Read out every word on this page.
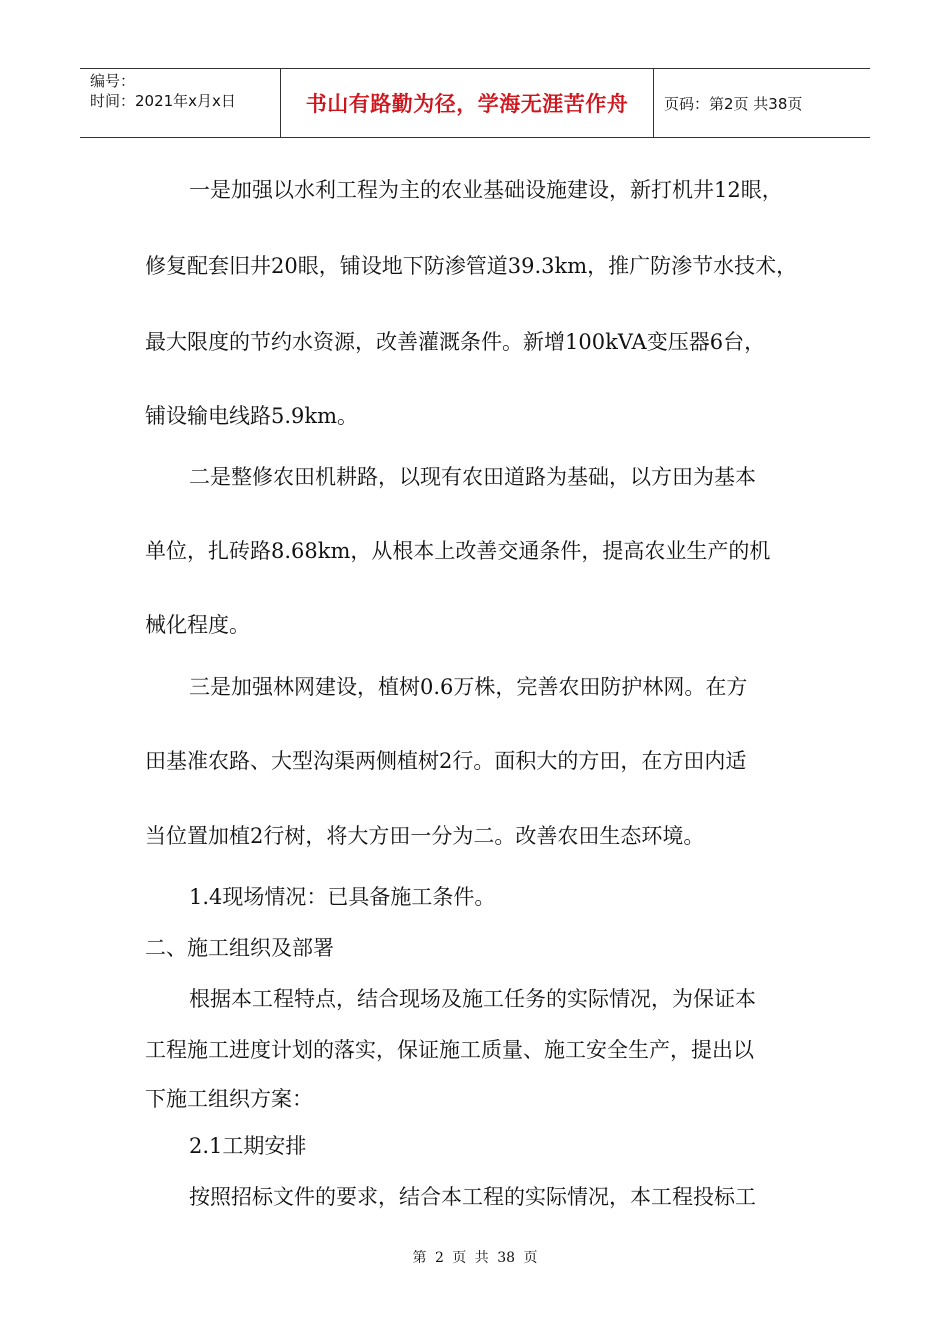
编号：
时间：2021年x月x日	书山有路勤为径，学海无涯苦作舟	页码：第2页 共38页
一是加强以水利工程为主的农业基础设施建设，新打机井12眼，
修复配套旧井20眼，铺设地下防渗管道39.3km，推广防渗节水技术，
最大限度的节约水资源，改善灌溉条件。新增100kVA变压器6台，
铺设输电线路5.9km。
二是整修农田机耕路，以现有农田道路为基础，以方田为基本
单位，扎砖路8.68km，从根本上改善交通条件，提高农业生产的机
械化程度。
三是加强林网建设，植树0.6万株，完善农田防护林网。在方
田基准农路、大型沟渠两侧植树2行。面积大的方田，在方田内适
当位置加植2行树，将大方田一分为二。改善农田生态环境。
1.4现场情况：已具备施工条件。
二、施工组织及部署
根据本工程特点，结合现场及施工任务的实际情况，为保证本
工程施工进度计划的落实，保证施工质量、施工安全生产，提出以
下施工组织方案：
2.1工期安排
按照招标文件的要求，结合本工程的实际情况，本工程投标工
第 2 页 共 38 页
